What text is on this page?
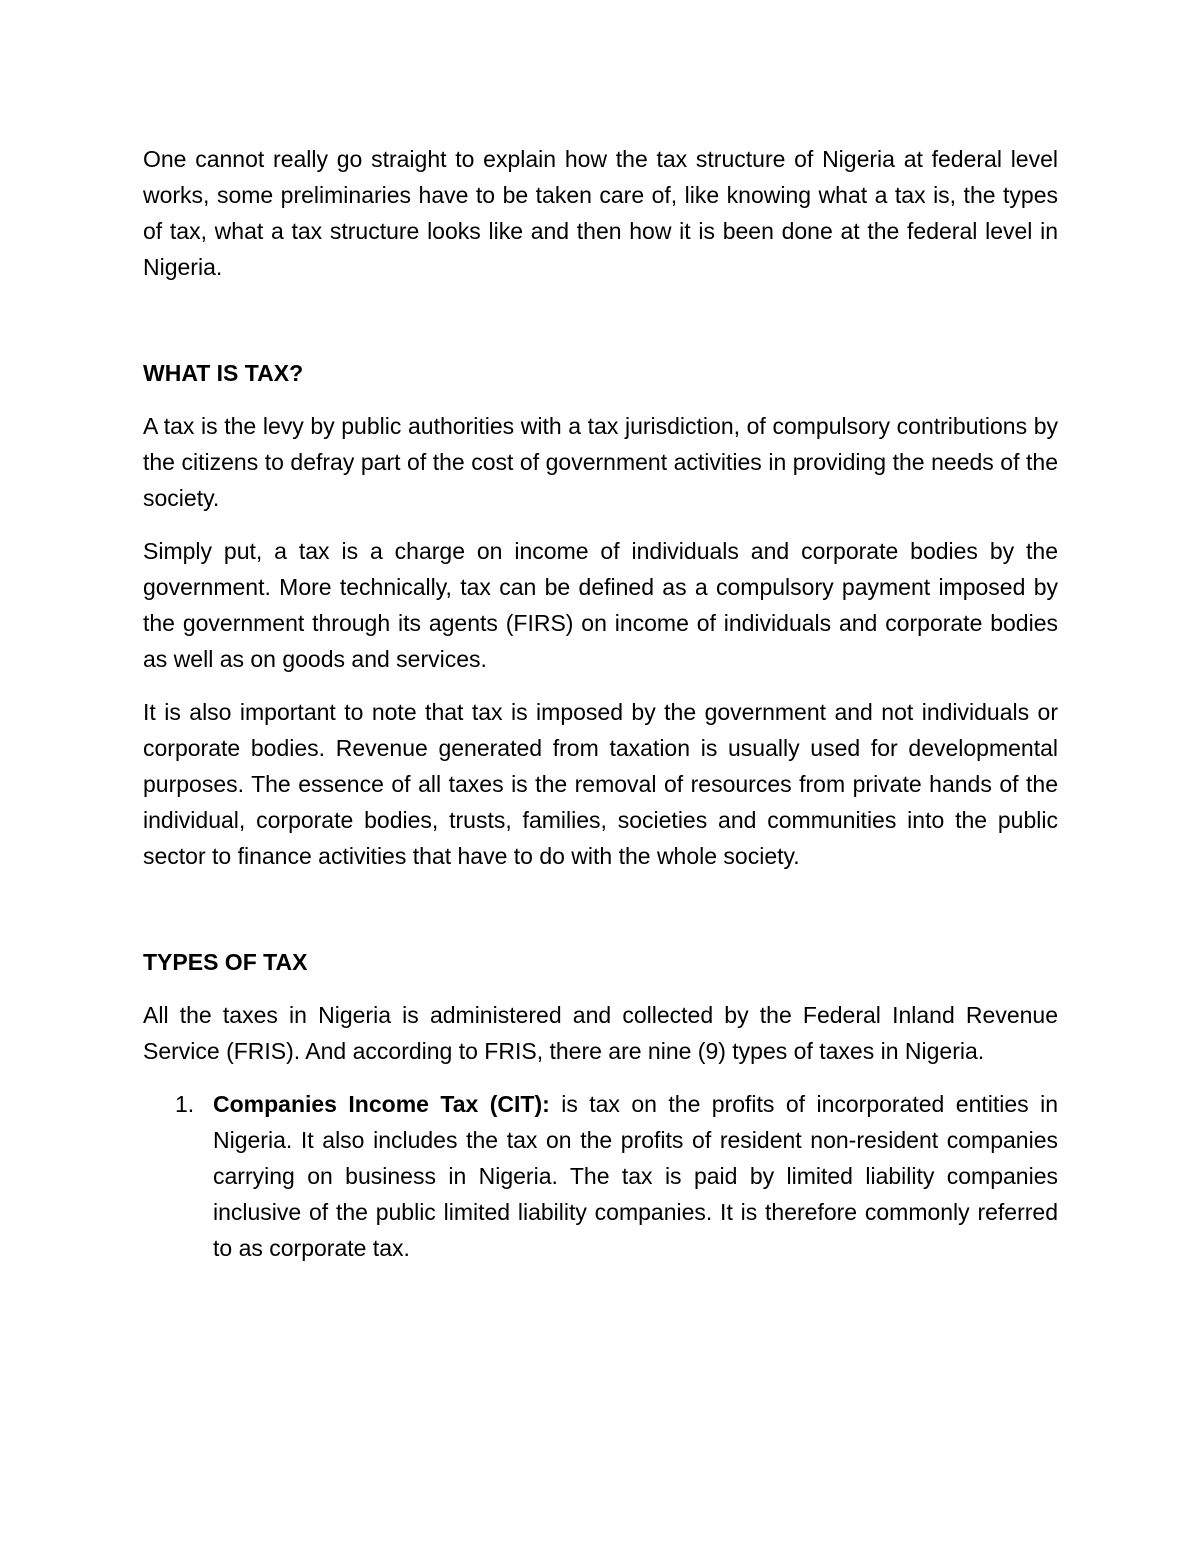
One cannot really go straight to explain how the tax structure of Nigeria at federal level works, some preliminaries have to be taken care of, like knowing what a tax is, the types of tax, what a tax structure looks like and then how it is been done at the federal level in Nigeria.

WHAT IS TAX?

A tax is the levy by public authorities with a tax jurisdiction, of compulsory contributions by the citizens to defray part of the cost of government activities in providing the needs of the society.

Simply put, a tax is a charge on income of individuals and corporate bodies by the government. More technically, tax can be defined as a compulsory payment imposed by the government through its agents (FIRS) on income of individuals and corporate bodies as well as on goods and services.

It is also important to note that tax is imposed by the government and not individuals or corporate bodies. Revenue generated from taxation is usually used for developmental purposes. The essence of all taxes is the removal of resources from private hands of the individual, corporate bodies, trusts, families, societies and communities into the public sector to finance activities that have to do with the whole society.

TYPES OF TAX

All the taxes in Nigeria is administered and collected by the Federal Inland Revenue Service (FRIS). And according to FRIS, there are nine (9) types of taxes in Nigeria.

1. Companies Income Tax (CIT): is tax on the profits of incorporated entities in Nigeria. It also includes the tax on the profits of resident non-resident companies carrying on business in Nigeria. The tax is paid by limited liability companies inclusive of the public limited liability companies. It is therefore commonly referred to as corporate tax.
